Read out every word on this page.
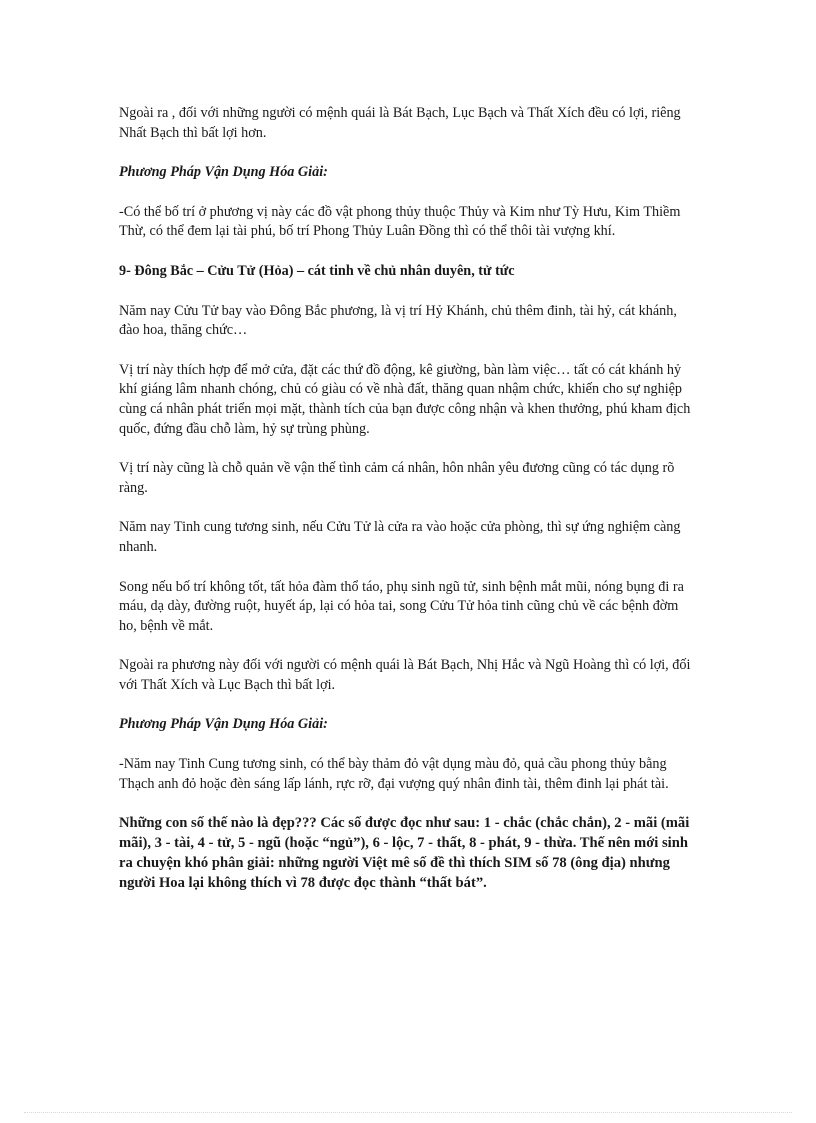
Ngoài ra , đối với những người có mệnh quái là Bát Bạch, Lục Bạch và Thất Xích đều có lợi, riêng Nhất Bạch thì bất lợi hơn.

Phương Pháp Vận Dụng Hóa Giải:

-Có thể bố trí ở phương vị này các đồ vật phong thủy thuộc Thủy và Kim như Tỳ Hưu, Kim Thiềm Thừ, có thể đem lại tài phú, bố trí Phong Thủy Luân Đồng thì có thể thôi tài vượng khí.

9- Đông Bắc – Cửu Tử (Hỏa) – cát tinh về chủ nhân duyên, tử tức

Năm nay Cửu Tử bay vào Đông Bắc phương, là vị trí Hỷ Khánh, chủ thêm đinh, tài hỷ, cát khánh, đào hoa, thăng chức…

Vị trí này thích hợp để mở cửa, đặt các thứ đồ động, kê giường, bàn làm việc… tất có cát khánh hỷ khí giáng lâm nhanh chóng, chủ có giàu có về nhà đất, thăng quan nhậm chức, khiến cho sự nghiệp cùng cá nhân phát triển mọi mặt, thành tích của bạn được công nhận và khen thưởng, phú kham địch quốc, đứng đầu chỗ làm, hỷ sự trùng phùng.

Vị trí này cũng là chỗ quản về vận thế tình cảm cá nhân, hôn nhân yêu đương cũng có tác dụng rõ ràng.

Năm nay Tinh cung tương sinh, nếu Cửu Tử là cửa ra vào hoặc cửa phòng, thì sự ứng nghiệm càng nhanh.

Song nếu bố trí không tốt, tất hỏa đàm thổ táo, phụ sinh ngũ tử, sinh bệnh mắt mũi, nóng bụng đi ra máu, dạ dày, đường ruột, huyết áp, lại có hỏa tai, song Cửu Tử hỏa tinh cũng chủ về các bệnh đờm ho, bệnh về mắt.

Ngoài ra phương này đối với người có mệnh quái là Bát Bạch, Nhị Hắc và Ngũ Hoàng thì có lợi, đối với Thất Xích và Lục Bạch thì bất lợi.

Phương Pháp Vận Dụng Hóa Giải:

-Năm nay Tinh Cung tương sinh, có thể bày thảm đỏ vật dụng màu đỏ, quả cầu phong thủy bằng Thạch anh đỏ hoặc đèn sáng lấp lánh, rực rỡ, đại vượng quý nhân đinh tài, thêm đinh lại phát tài.

Những con số thế nào là đẹp??? Các số được đọc như sau: 1 - chắc (chắc chắn), 2 - mãi (mãi mãi), 3 - tài, 4 - tử, 5 - ngũ (hoặc “ngủ”), 6 - lộc, 7 - thất, 8 - phát, 9 - thừa. Thế nên mới sinh ra chuyện khó phân giải: những người Việt mê số đề thì thích SIM số 78 (ông địa) nhưng người Hoa lại không thích vì 78 được đọc thành “thất bát”.
